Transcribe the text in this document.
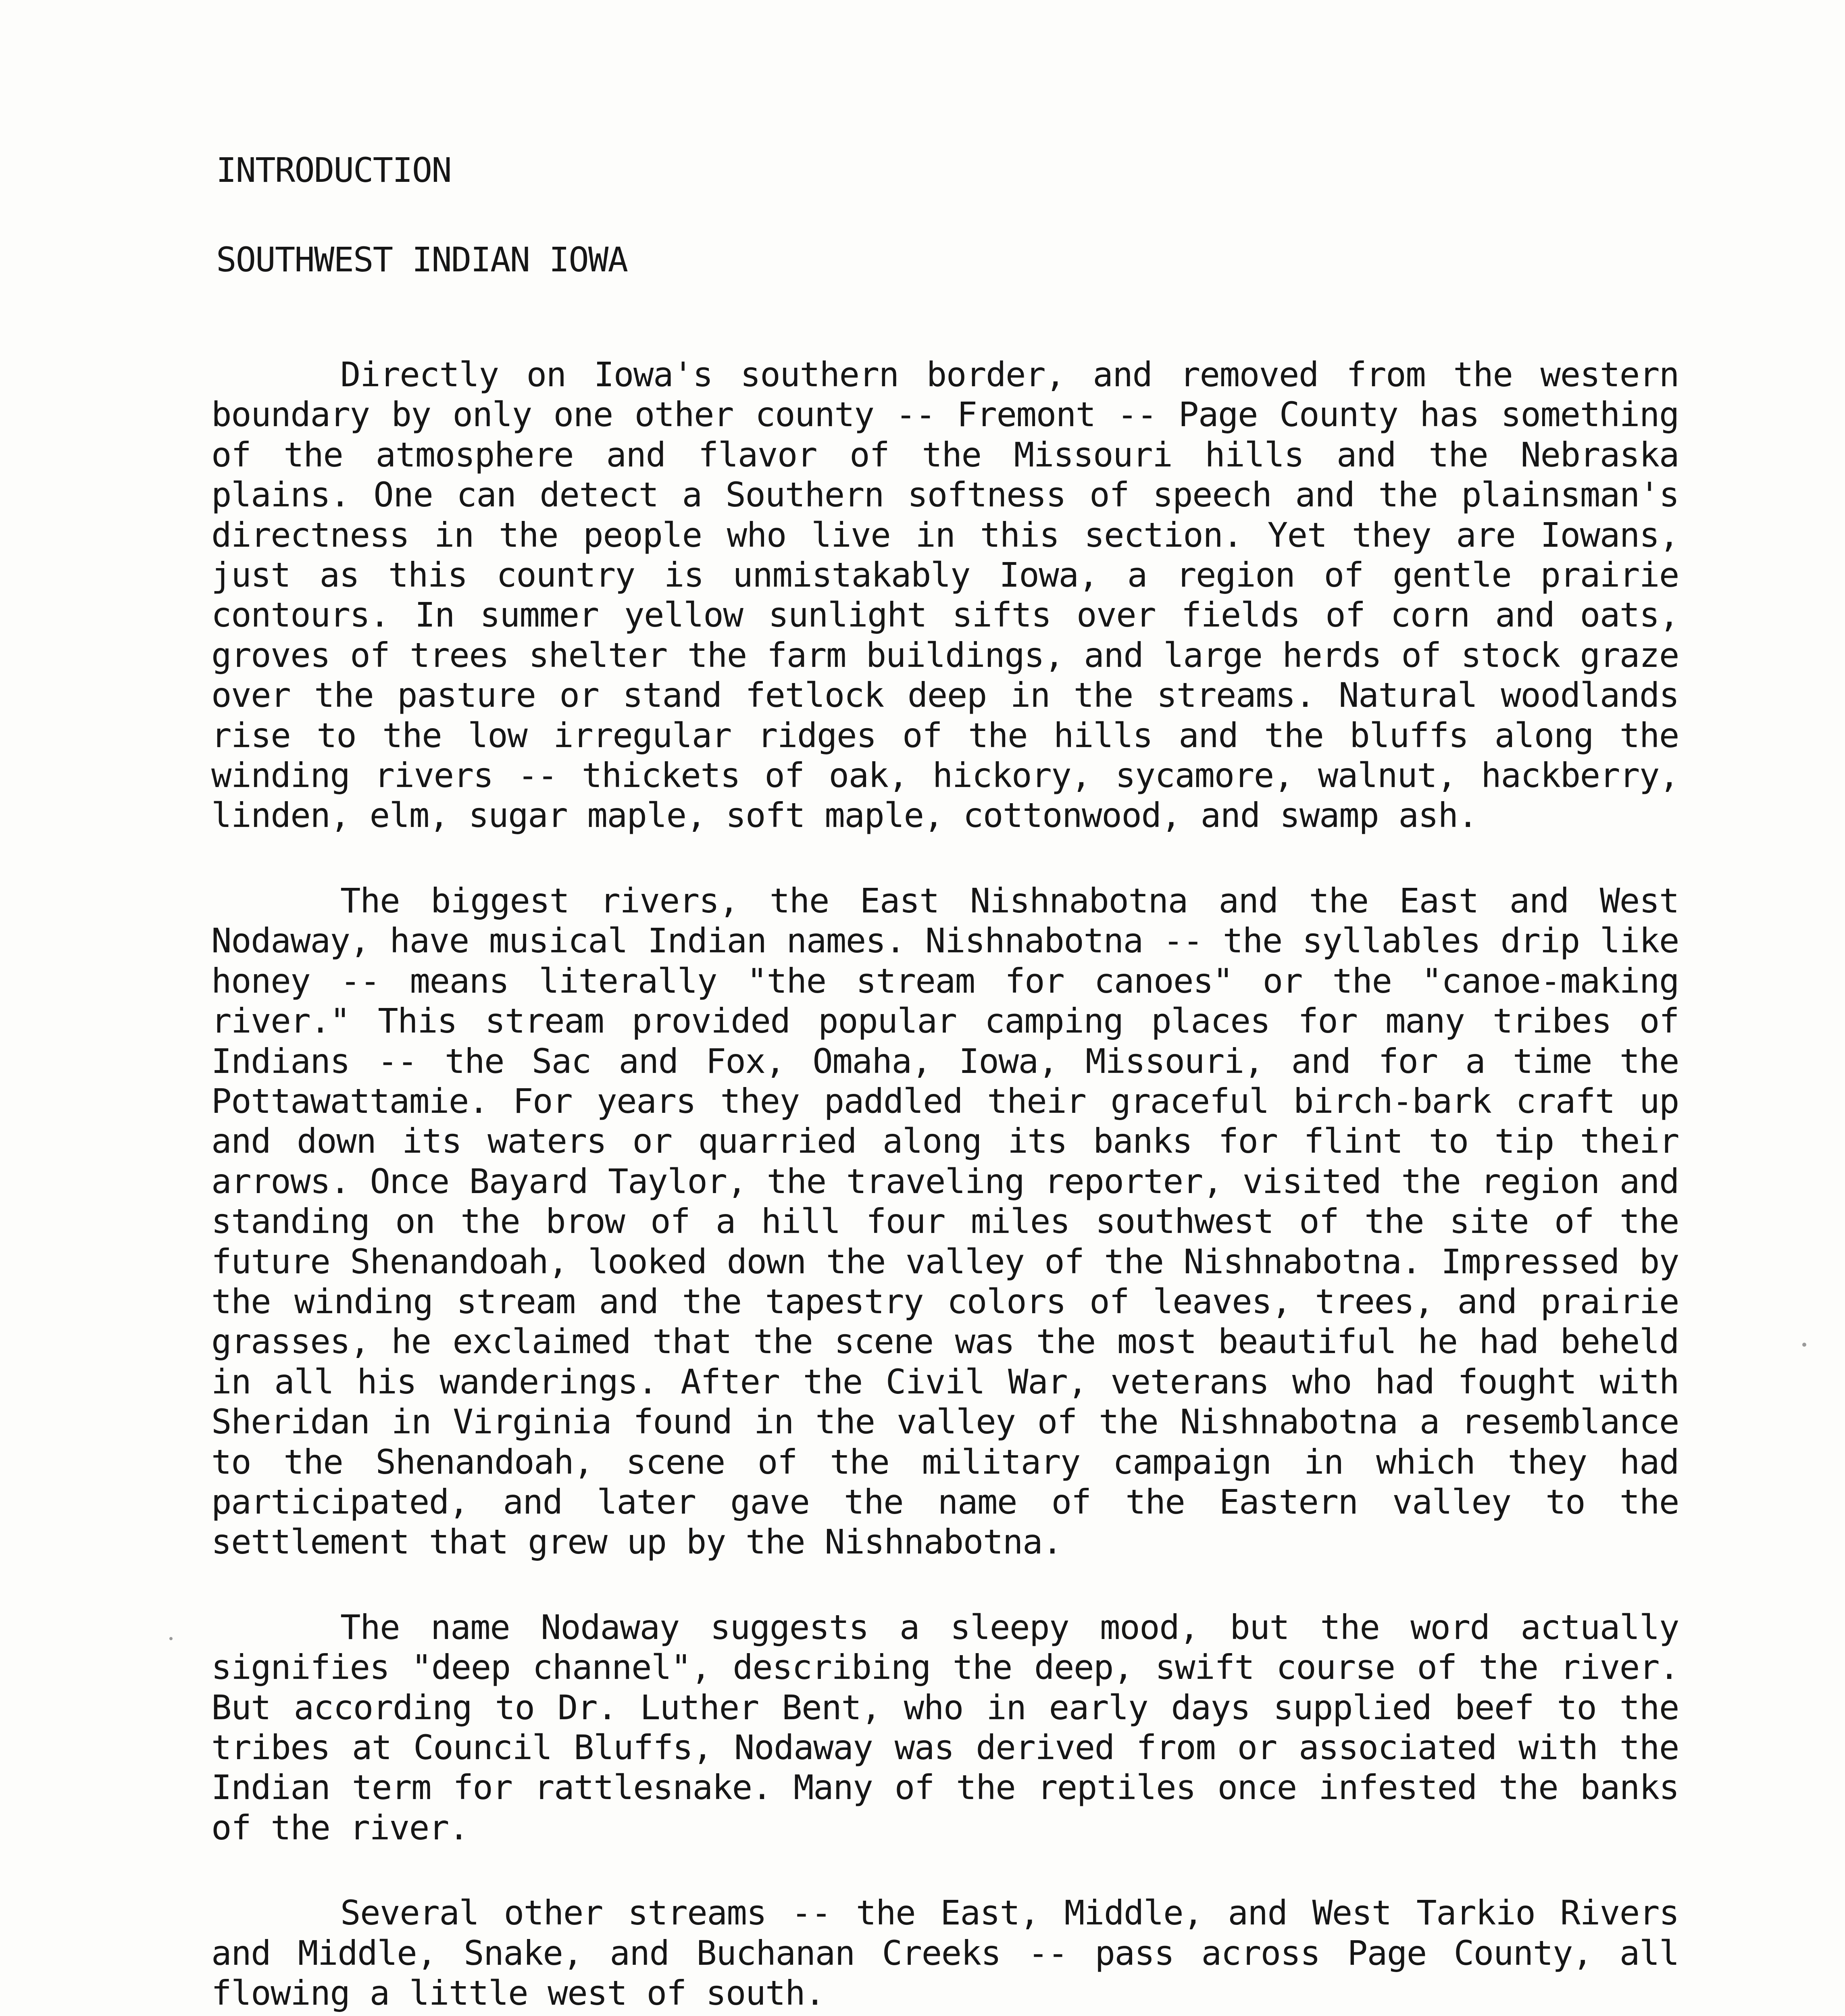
INTRODUCTION

SOUTHWEST INDIAN IOWA

Directly on Iowa's southern border, and removed from the western boundary by only one other county -- Fremont -- Page County has something of the atmosphere and flavor of the Missouri hills and the Nebraska plains. One can detect a Southern softness of speech and the plainsman's directness in the people who live in this section. Yet they are Iowans, just as this country is unmistakably Iowa, a region of gentle prairie contours. In summer yellow sunlight sifts over fields of corn and oats, groves of trees shelter the farm buildings, and large herds of stock graze over the pasture or stand fetlock deep in the streams. Natural woodlands rise to the low irregular ridges of the hills and the bluffs along the winding rivers -- thickets of oak, hickory, sycamore, walnut, hackberry, linden, elm, sugar maple, soft maple, cottonwood, and swamp ash.

The biggest rivers, the East Nishnabotna and the East and West Nodaway, have musical Indian names. Nishnabotna -- the syllables drip like honey -- means literally "the stream for canoes" or the "canoe-making river." This stream provided popular camping places for many tribes of Indians -- the Sac and Fox, Omaha, Iowa, Missouri, and for a time the Pottawattamie. For years they paddled their graceful birch-bark craft up and down its waters or quarried along its banks for flint to tip their arrows. Once Bayard Taylor, the traveling reporter, visited the region and standing on the brow of a hill four miles southwest of the site of the future Shenandoah, looked down the valley of the Nishnabotna. Impressed by the winding stream and the tapestry colors of leaves, trees, and prairie grasses, he exclaimed that the scene was the most beautiful he had beheld in all his wanderings. After the Civil War, veterans who had fought with Sheridan in Virginia found in the valley of the Nishnabotna a resemblance to the Shenandoah, scene of the military campaign in which they had participated, and later gave the name of the Eastern valley to the settlement that grew up by the Nishnabotna.

The name Nodaway suggests a sleepy mood, but the word actually signifies "deep channel", describing the deep, swift course of the river. But according to Dr. Luther Bent, who in early days supplied beef to the tribes at Council Bluffs, Nodaway was derived from or associated with the Indian term for rattlesnake. Many of the reptiles once infested the banks of the river.

Several other streams -- the East, Middle, and West Tarkio Rivers and Middle, Snake, and Buchanan Creeks -- pass across Page County, all flowing a little west of south.
